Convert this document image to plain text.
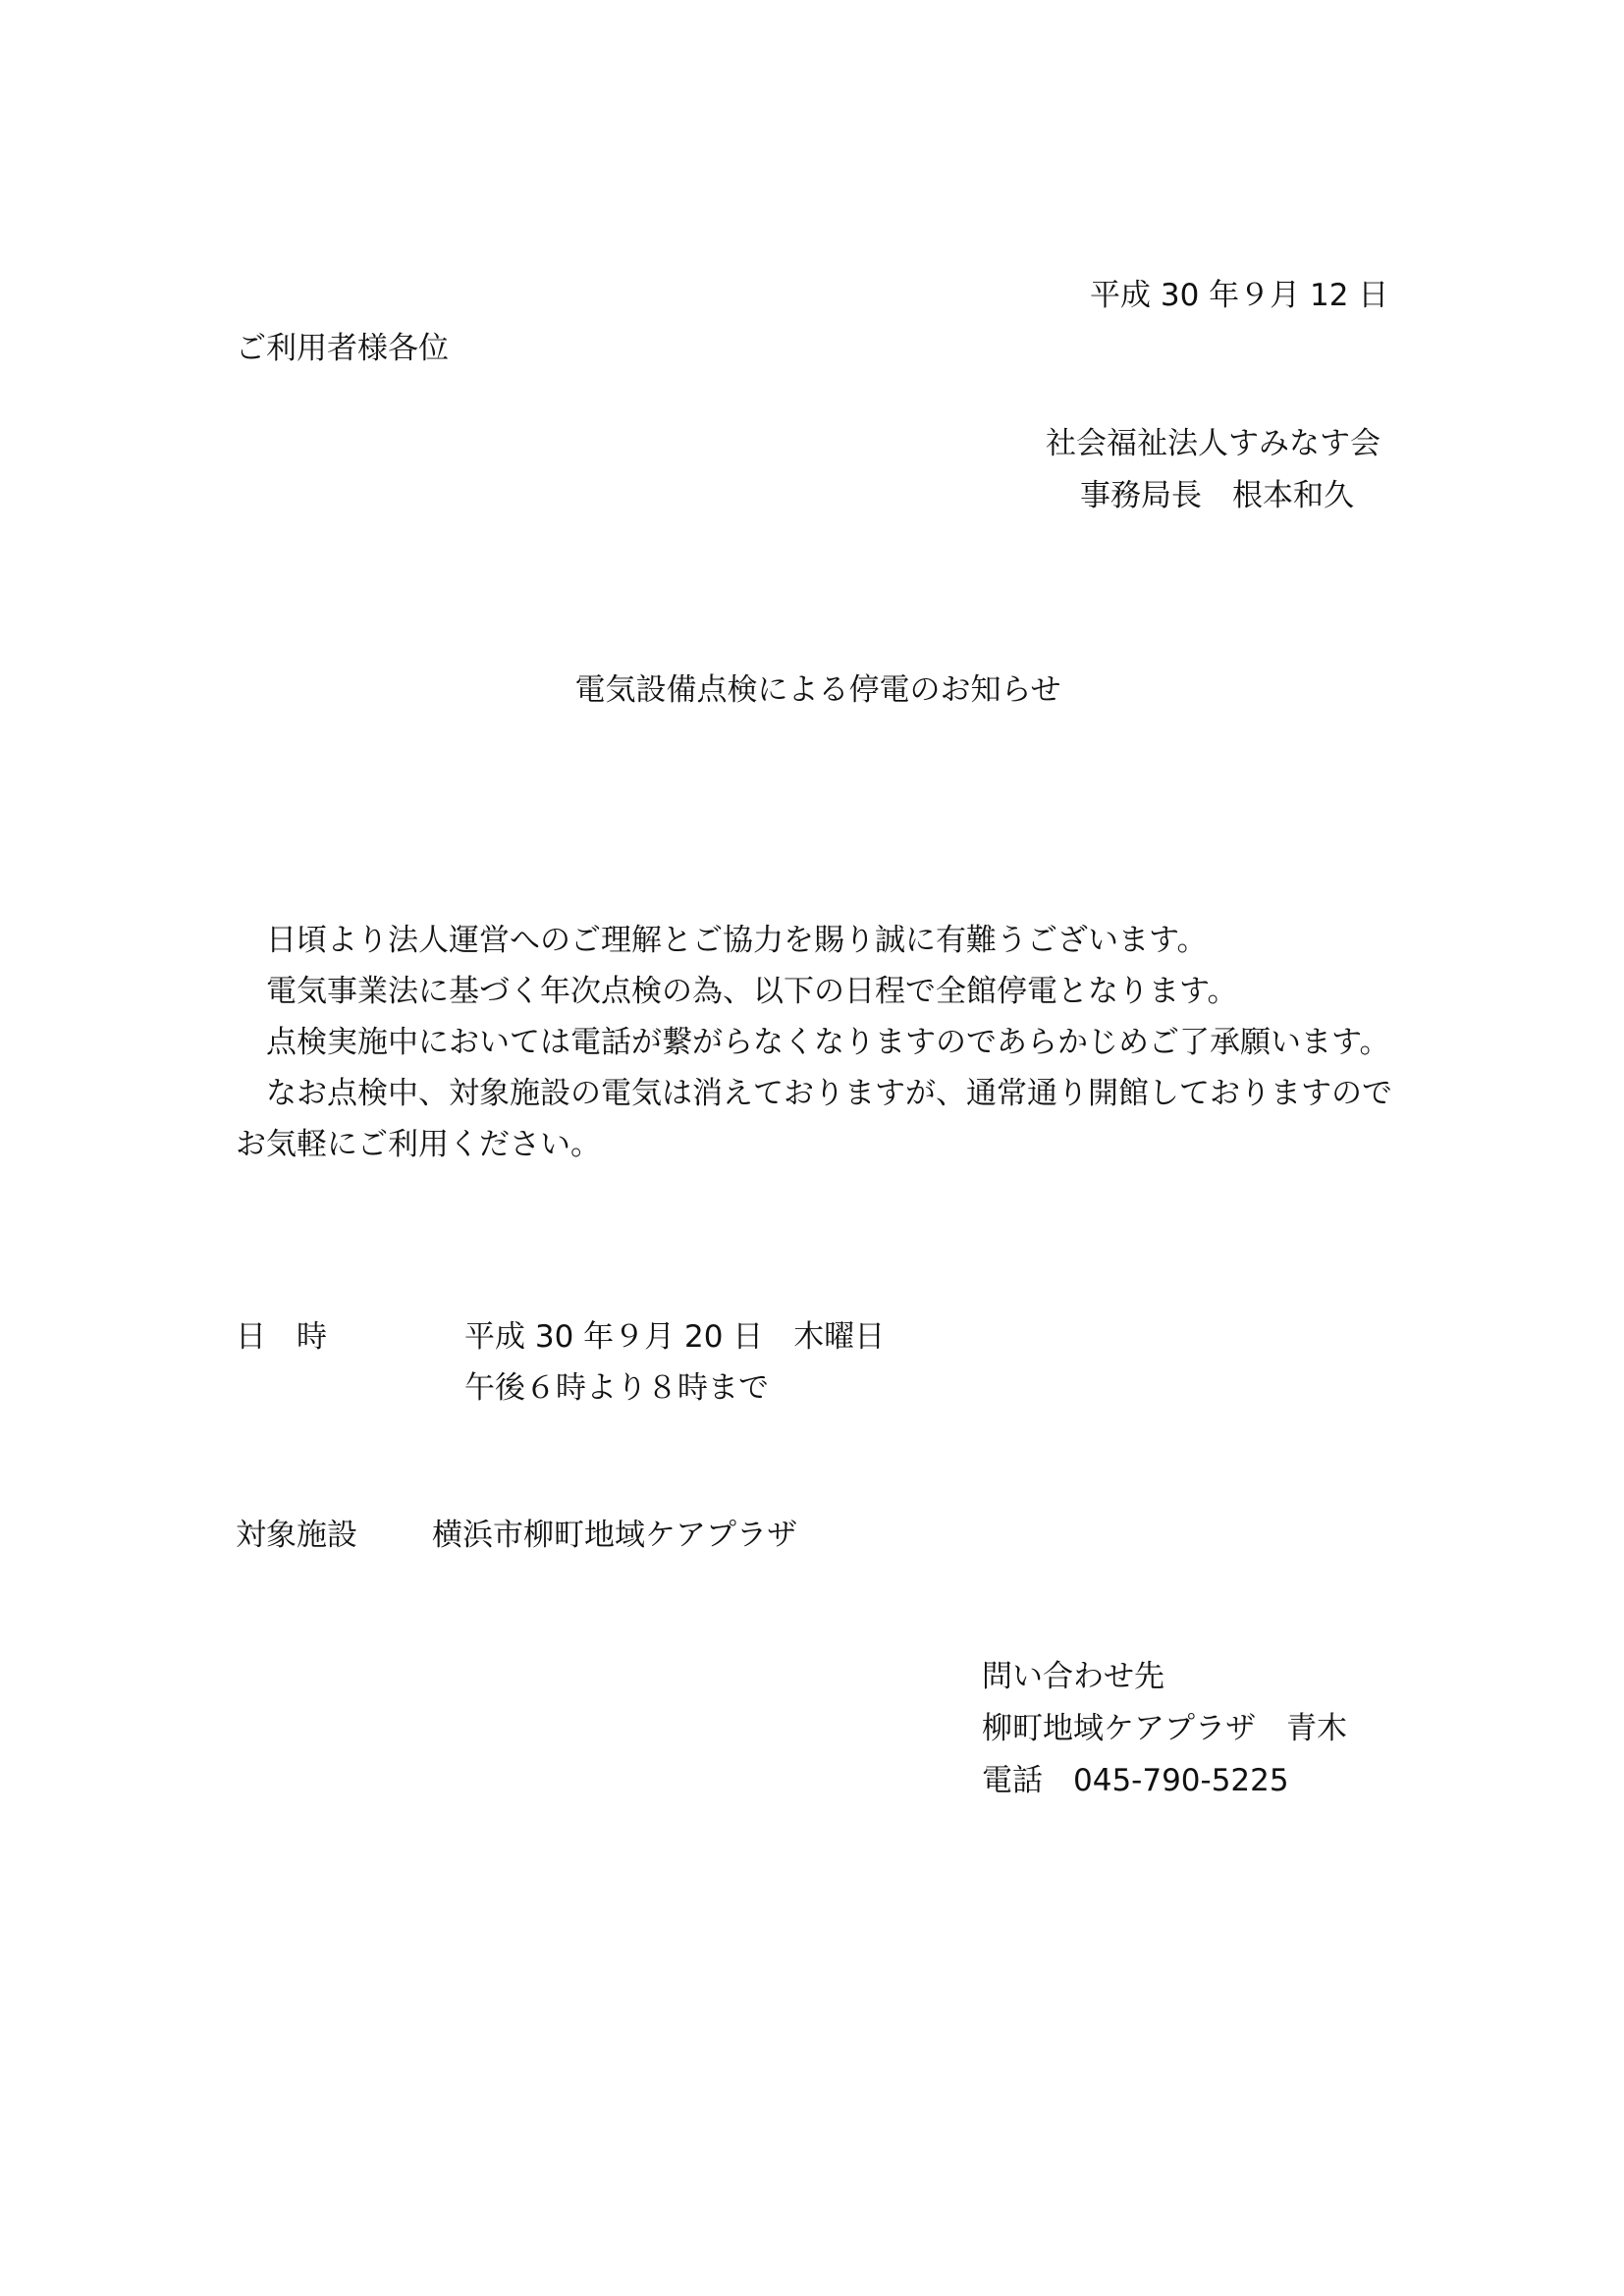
平成 30 年９月 12 日
ご利用者様各位
社会福祉法人すみなす会
事務局長　根本和久
電気設備点検による停電のお知らせ

日頃より法人運営へのご理解とご協力を賜り誠に有難うございます。

電気事業法に基づく年次点検の為、以下の日程で全館停電となります。

点検実施中においては電話が繋がらなくなりますのであらかじめご了承願います。

なお点検中、対象施設の電気は消えておりますが、通常通り開館しておりますのでお気軽にご利用ください。

日　時	平成 30 年９月 20 日　木曜日
午後６時より８時まで
対象施設 横浜市柳町地域ケアプラザ
問い合わせ先
柳町地域ケアプラザ　青木
電話　045-790-5225
